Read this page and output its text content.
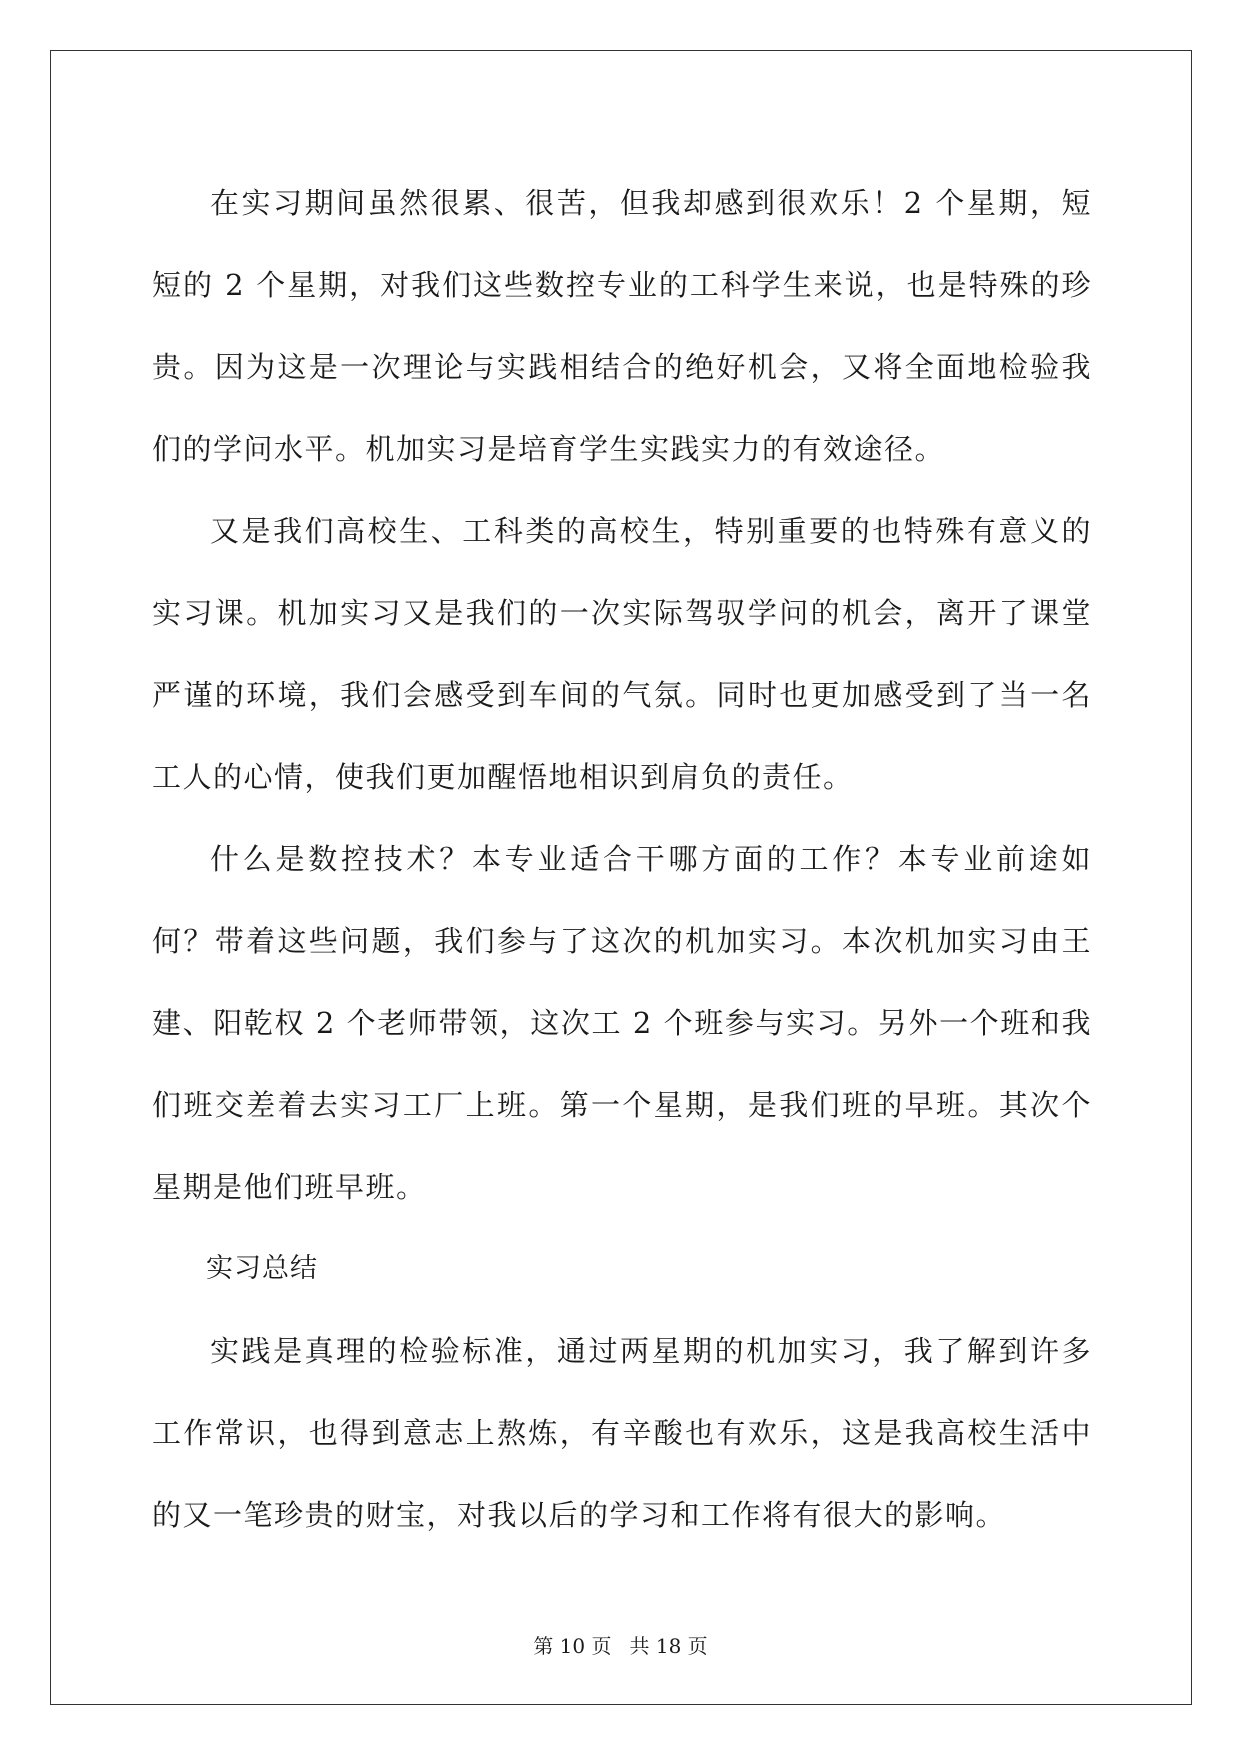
在实习期间虽然很累、很苦，但我却感到很欢乐！2 个星期，短短的 2 个星期，对我们这些数控专业的工科学生来说，也是特殊的珍贵。因为这是一次理论与实践相结合的绝好机会，又将全面地检验我们的学问水平。机加实习是培育学生实践实力的有效途径。

又是我们高校生、工科类的高校生，特别重要的也特殊有意义的实习课。机加实习又是我们的一次实际驾驭学问的机会，离开了课堂严谨的环境，我们会感受到车间的气氛。同时也更加感受到了当一名工人的心情，使我们更加醒悟地相识到肩负的责任。

什么是数控技术？本专业适合干哪方面的工作？本专业前途如何？带着这些问题，我们参与了这次的机加实习。本次机加实习由王建、阳乾权 2 个老师带领，这次工 2 个班参与实习。另外一个班和我们班交差着去实习工厂上班。第一个星期，是我们班的早班。其次个星期是他们班早班。

实习总结

实践是真理的检验标准，通过两星期的机加实习，我了解到许多工作常识，也得到意志上熬炼，有辛酸也有欢乐，这是我高校生活中的又一笔珍贵的财宝，对我以后的学习和工作将有很大的影响。

第 10 页 共 18 页
